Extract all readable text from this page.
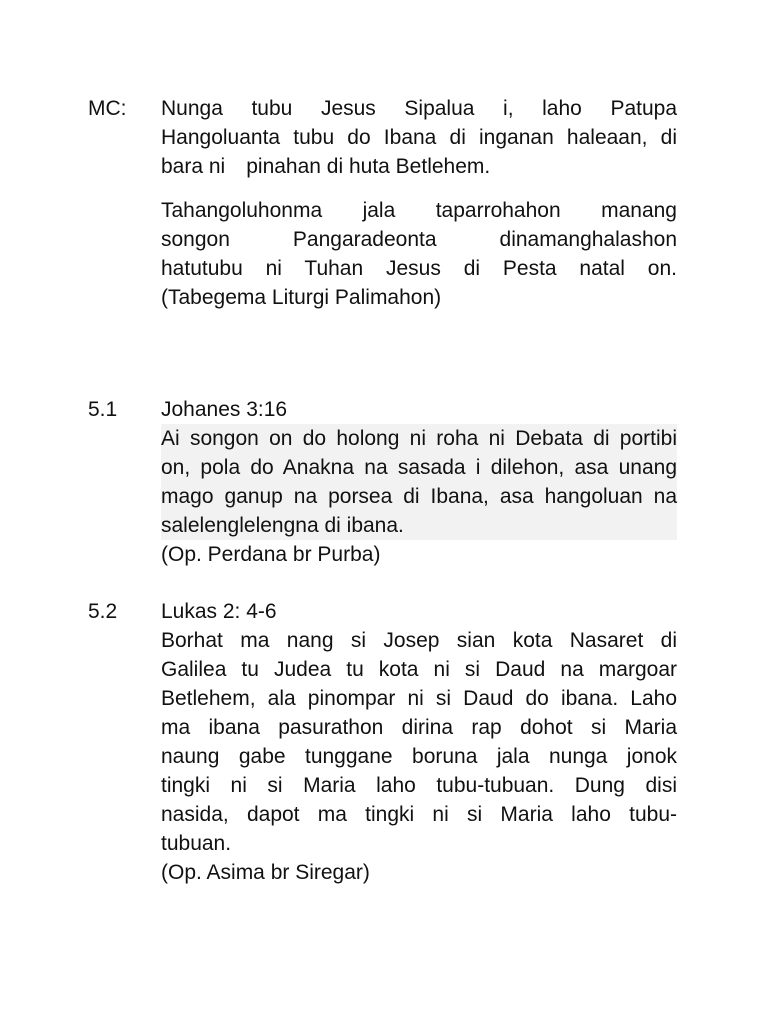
MC: Nunga tubu Jesus Sipalua i, laho Patupa
Hangoluanta tubu do Ibana di inganan haleaan, di
bara ni pinahan di huta Betlehem.
Tahangoluhonma jala taparrohahon manang
songon Pangaradeonta dinamanghalashon
hatutubu ni Tuhan Jesus di Pesta natal on.
(Tabegema Liturgi Palimahon)
5.1 Johanes 3:16
Ai songon on do holong ni roha ni Debata di portibi
on, pola do Anakna na sasada i dilehon, asa unang
mago ganup na porsea di Ibana, asa hangoluan na
salelenglelengna di ibana.
(Op. Perdana br Purba)
5.2 Lukas 2: 4-6
Borhat ma nang si Josep sian kota Nasaret di
Galilea tu Judea tu kota ni si Daud na margoar
Betlehem, ala pinompar ni si Daud do ibana. Laho
ma ibana pasurathon dirina rap dohot si Maria
naung gabe tunggane boruna jala nunga jonok
tingki ni si Maria laho tubu-tubuan. Dung disi
nasida, dapot ma tingki ni si Maria laho tubu-
tubuan.
(Op. Asima br Siregar)
